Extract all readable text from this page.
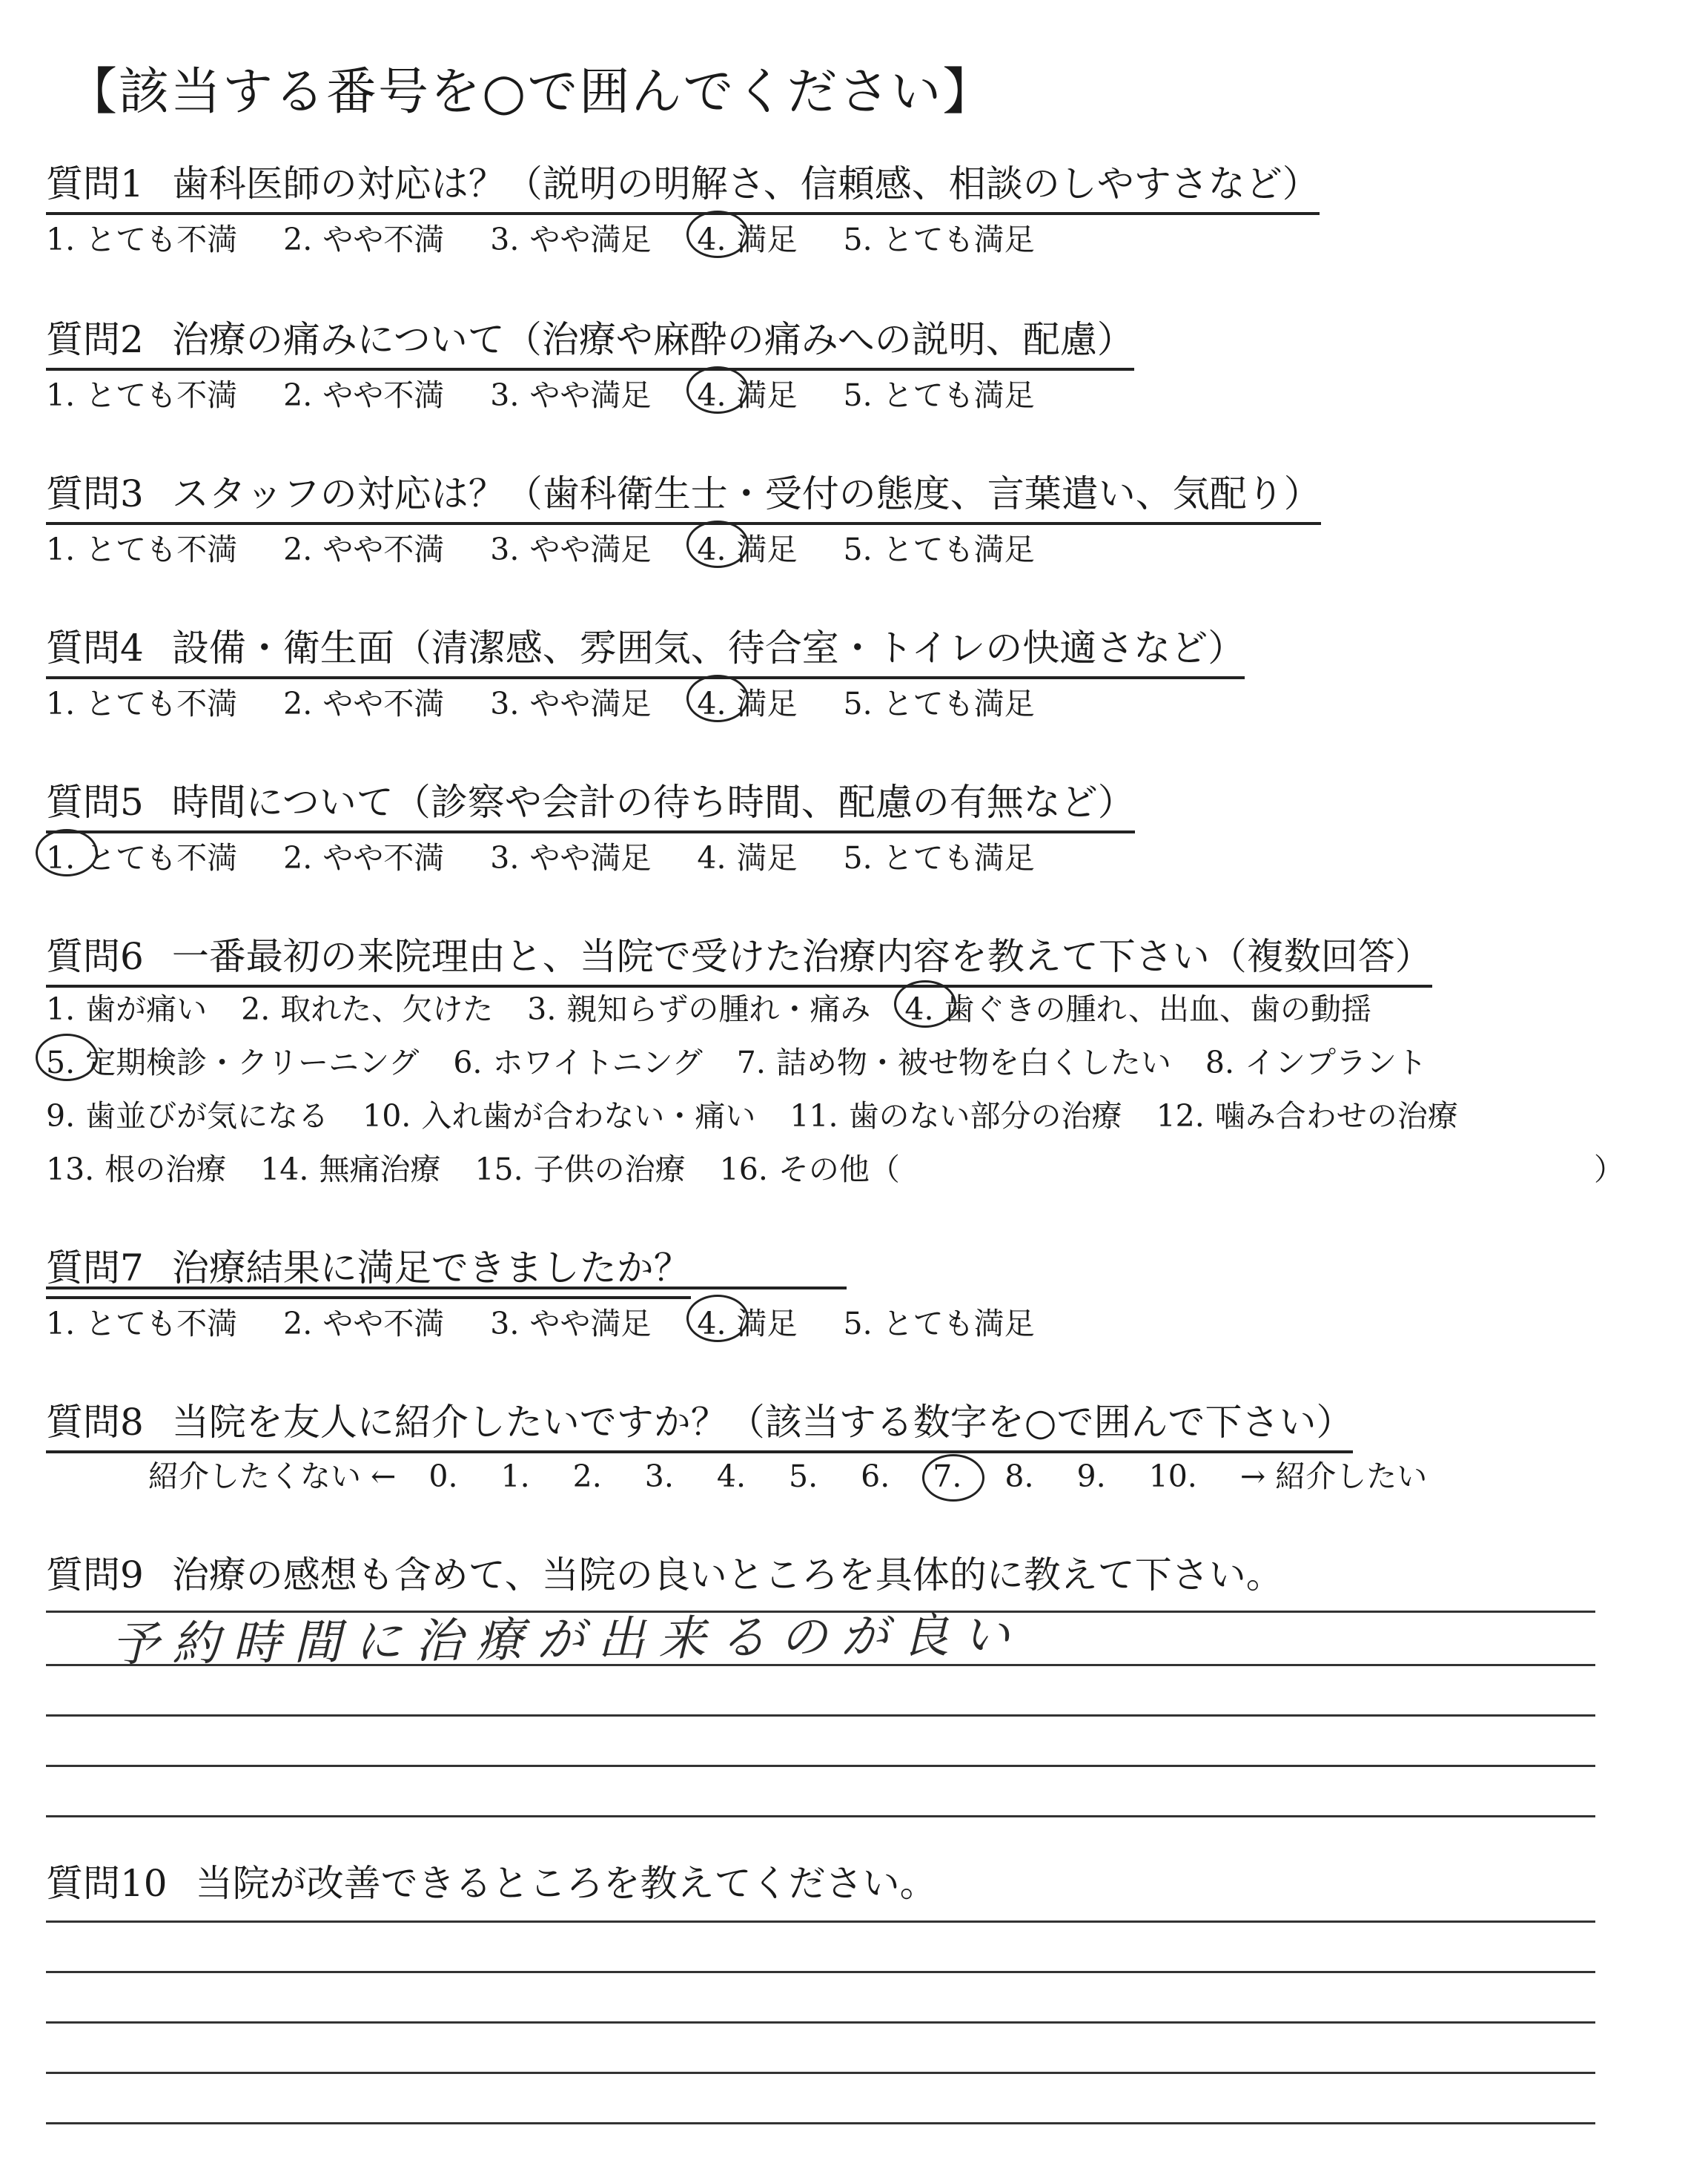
【該当する番号を○で囲んでください】
質問1 歯科医師の対応は？（説明の明解さ、信頼感、相談のしやすさなど）
1. とても不満 2. やや不満 3. やや満足 4. 満足 5. とても満足
質問2 治療の痛みについて（治療や麻酔の痛みへの説明、配慮）
1. とても不満 2. やや不満 3. やや満足 4. 満足 5. とても満足
質問3 スタッフの対応は？（歯科衛生士・受付の態度、言葉遣い、気配り）
1. とても不満 2. やや不満 3. やや満足 4. 満足 5. とても満足
質問4 設備・衛生面（清潔感、雰囲気、待合室・トイレの快適さなど）
1. とても不満 2. やや不満 3. やや満足 4. 満足 5. とても満足
質問5 時間について（診察や会計の待ち時間、配慮の有無など）
1. とても不満 2. やや不満 3. やや満足 4. 満足 5. とても満足
質問6 一番最初の来院理由と、当院で受けた治療内容を教えて下さい（複数回答）
1. 歯が痛い 2. 取れた、欠けた 3. 親知らずの腫れ・痛み 4. 歯ぐきの腫れ、出血、歯の動揺
5. 定期検診・クリーニング 6. ホワイトニング 7. 詰め物・被せ物を白くしたい 8. インプラント
9. 歯並びが気になる 10. 入れ歯が合わない・痛い 11. 歯のない部分の治療 12. 噛み合わせの治療
13. 根の治療 14. 無痛治療 15. 子供の治療 16. その他（	）
質問7 治療結果に満足できましたか？
1. とても不満 2. やや不満 3. やや満足 4. 満足 5. とても満足
質問8 当院を友人に紹介したいですか？（該当する数字を○で囲んで下さい）
紹介したくない ← 0. 1. 2. 3. 4. 5. 6. 7. 8. 9. 10. → 紹介したい
質問9 治療の感想も含めて、当院の良いところを具体的に教えて下さい。
予約時間に治療が出来るのが良い
質問10 当院が改善できるところを教えてください。
